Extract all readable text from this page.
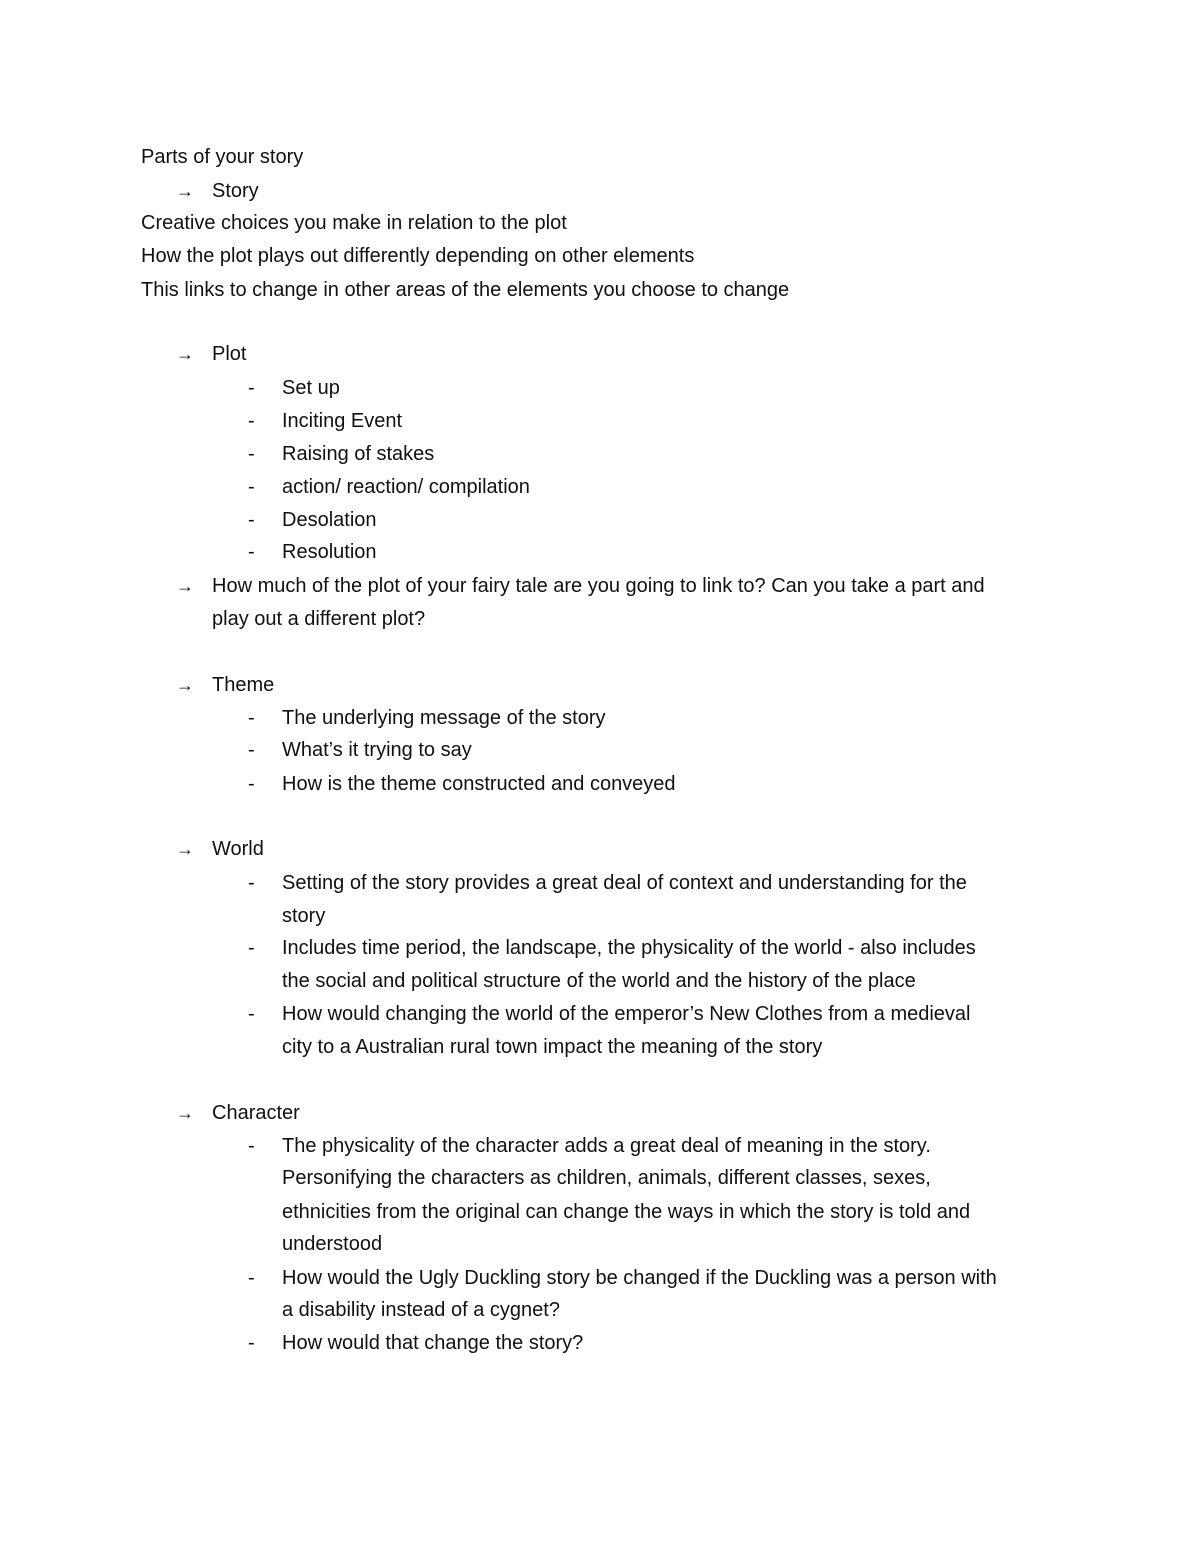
Parts of your story
→ Story
Creative choices you make in relation to the plot
How the plot plays out differently depending on other elements
This links to change in other areas of the elements you choose to change
→ Plot
-	Set up
-	Inciting Event
-	Raising of stakes
-	action/ reaction/ compilation
-	Desolation
-	Resolution
→ How much of the plot of your fairy tale are you going to link to? Can you take a part and
play out a different plot?
→ Theme
-	The underlying message of the story
-	What’s it trying to say
-	How is the theme constructed and conveyed
→ World
-	Setting of the story provides a great deal of context and understanding for the
story
-	Includes time period, the landscape, the physicality of the world - also includes
the social and political structure of the world and the history of the place
-	How would changing the world of the emperor’s New Clothes from a medieval
city to a Australian rural town impact the meaning of the story
→ Character
-	The physicality of the character adds a great deal of meaning in the story.
Personifying the characters as children, animals, different classes, sexes,
ethnicities from the original can change the ways in which the story is told and
understood
-	How would the Ugly Duckling story be changed if the Duckling was a person with
a disability instead of a cygnet?
-	How would that change the story?
